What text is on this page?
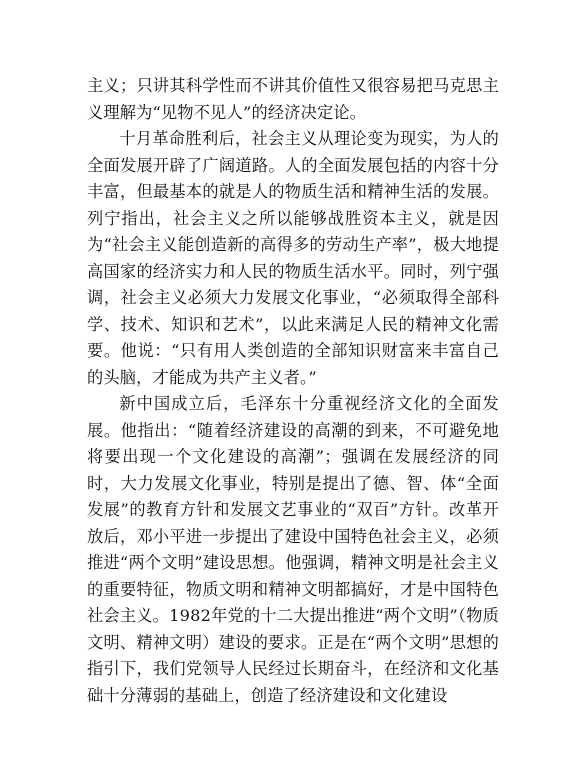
主义；只讲其科学性而不讲其价值性又很容易把马克思主义理解为“见物不见人”的经济决定论。

十月革命胜利后，社会主义从理论变为现实，为人的全面发展开辟了广阔道路。人的全面发展包括的内容十分丰富，但最基本的就是人的物质生活和精神生活的发展。列宁指出，社会主义之所以能够战胜资本主义，就是因为“社会主义能创造新的高得多的劳动生产率”，极大地提高国家的经济实力和人民的物质生活水平。同时，列宁强调，社会主义必须大力发展文化事业，“必须取得全部科学、技术、知识和艺术”，以此来满足人民的精神文化需要。他说：“只有用人类创造的全部知识财富来丰富自己的头脑，才能成为共产主义者。”

新中国成立后，毛泽东十分重视经济文化的全面发展。他指出：“随着经济建设的高潮的到来，不可避免地将要出现一个文化建设的高潮”；强调在发展经济的同时，大力发展文化事业，特别是提出了德、智、体“全面发展”的教育方针和发展文艺事业的“双百”方针。改革开放后，邓小平进一步提出了建设中国特色社会主义，必须推进“两个文明”建设思想。他强调，精神文明是社会主义的重要特征，物质文明和精神文明都搞好，才是中国特色社会主义。1982年党的十二大提出推进“两个文明”（物质文明、精神文明）建设的要求。正是在“两个文明”思想的指引下，我们党领导人民经过长期奋斗，在经济和文化基础十分薄弱的基础上，创造了经济建设和文化建设
